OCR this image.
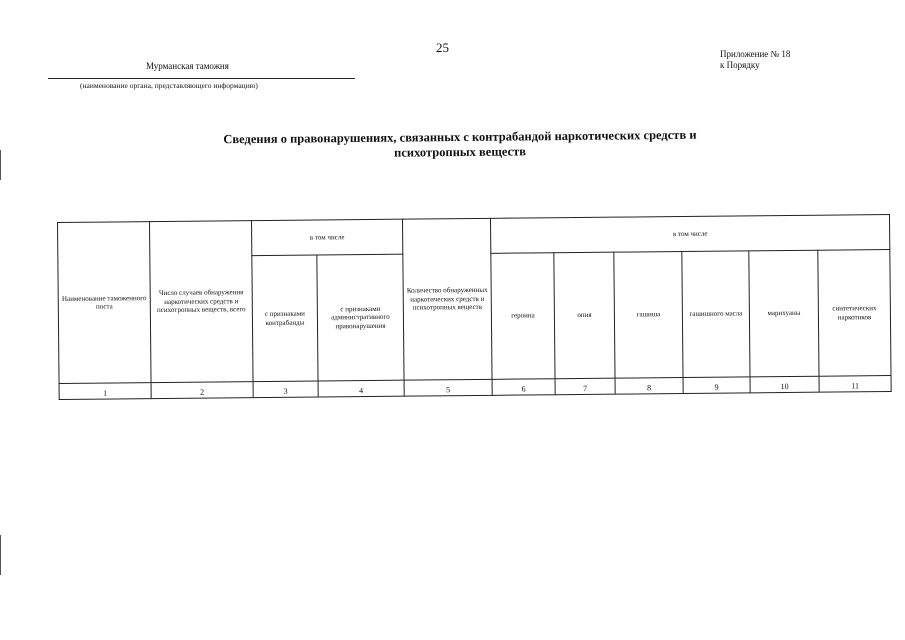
25
Мурманская таможня
(наименование органа, представляющего информацию)
Приложение № 18
к Порядку
Сведения о правонарушениях, связанных с контрабандой наркотических средств и
психотропных веществ
Наименование таможенного поста	Число случаев обнаружения наркотических средств и психотропных веществ, всего	в том числе		Количество обнаруженных наркотических средств и психотропных веществ	в том числе					
		с признаками контрабанды	с признаками административного правонарушения		героина	опия	гашиша	гашишного масла	марихуаны	синтетических наркотиков
1	2	3	4	5	6	7	8	9	10	11
